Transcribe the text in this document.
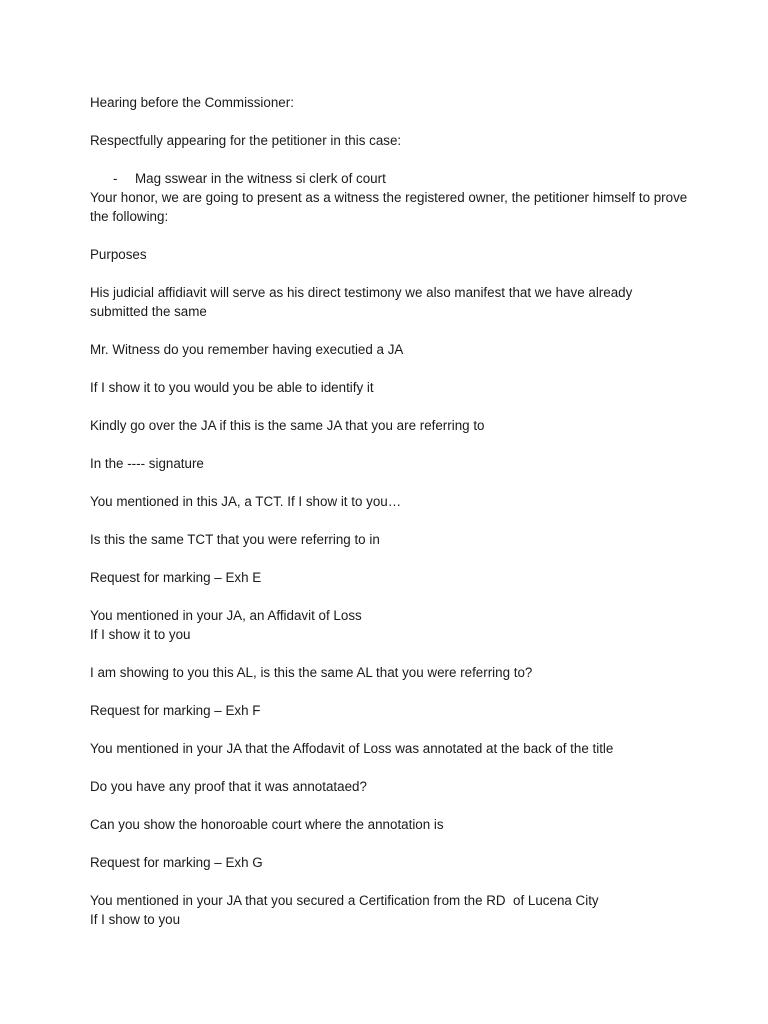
Hearing before the Commissioner:

Respectfully appearing for the petitioner in this case:

- Mag sswear in the witness si clerk of court

Your honor, we are going to present as a witness the registered owner, the petitioner himself to prove the following:

Purposes

His judicial affidiavit will serve as his direct testimony we also manifest that we have already submitted the same

Mr. Witness do you remember having executied a JA

If I show it to you would you be able to identify it

Kindly go over the JA if this is the same JA that you are referring to

In the ---- signature

You mentioned in this JA, a TCT. If I show it to you…

Is this the same TCT that you were referring to in

Request for marking – Exh E

You mentioned in your JA, an Affidavit of Loss

If I show it to you

I am showing to you this AL, is this the same AL that you were referring to?

Request for marking – Exh F

You mentioned in your JA that the Affodavit of Loss was annotated at the back of the title

Do you have any proof that it was annotataed?

Can you show the honoroable court where the annotation is

Request for marking – Exh G

You mentioned in your JA that you secured a Certification from the RD  of Lucena City

If I show to you
